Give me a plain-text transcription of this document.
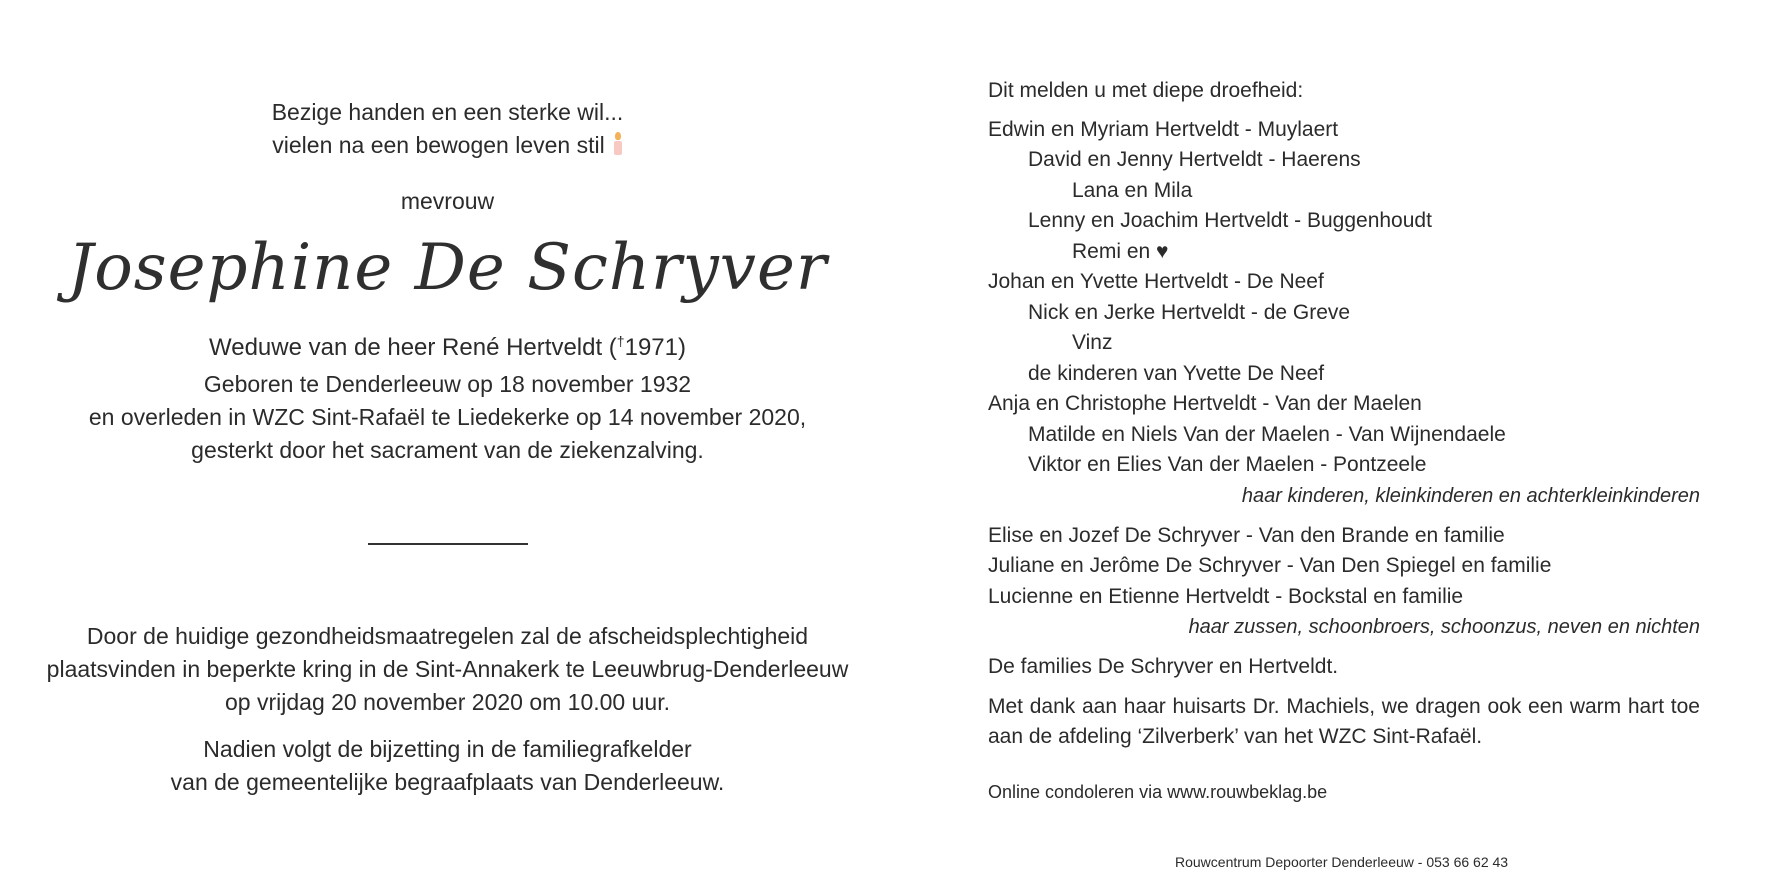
Bezige handen en een sterke wil...
vielen na een bewogen leven stil
mevrouw
Josephine De Schryver
Weduwe van de heer René Hertveldt (†1971)
Geboren te Denderleeuw op 18 november 1932
en overleden in WZC Sint-Rafaël te Liedekerke op 14 november 2020,
gesterkt door het sacrament van de ziekenzalving.
Door de huidige gezondheidsmaatregelen zal de afscheidsplechtigheid
plaatsvinden in beperkte kring in de Sint-Annakerk te Leeuwbrug-Denderleeuw
op vrijdag 20 november 2020 om 10.00 uur.
Nadien volgt de bijzetting in de familiegrafkelder
van de gemeentelijke begraafplaats van Denderleeuw.
Dit melden u met diepe droefheid:
Edwin en Myriam Hertveldt - Muylaert
David en Jenny Hertveldt - Haerens
Lana en Mila
Lenny en Joachim Hertveldt - Buggenhoudt
Remi en ♥
Johan en Yvette Hertveldt - De Neef
Nick en Jerke Hertveldt - de Greve
Vinz
de kinderen van Yvette De Neef
Anja en Christophe Hertveldt - Van der Maelen
Matilde en Niels Van der Maelen - Van Wijnendaele
Viktor en Elies Van der Maelen - Pontzeele
haar kinderen, kleinkinderen en achterkleinkinderen
Elise en Jozef De Schryver - Van den Brande en familie
Juliane en Jerôme De Schryver - Van Den Spiegel en familie
Lucienne en Etienne Hertveldt - Bockstal en familie
haar zussen, schoonbroers, schoonzus, neven en nichten
De families De Schryver en Hertveldt.
Met dank aan haar huisarts Dr. Machiels, we dragen ook een warm hart toe aan de afdeling ‘Zilverberk’ van het WZC Sint-Rafaël.
Online condoleren via www.rouwbeklag.be
Rouwcentrum Depoorter Denderleeuw - 053 66 62 43
